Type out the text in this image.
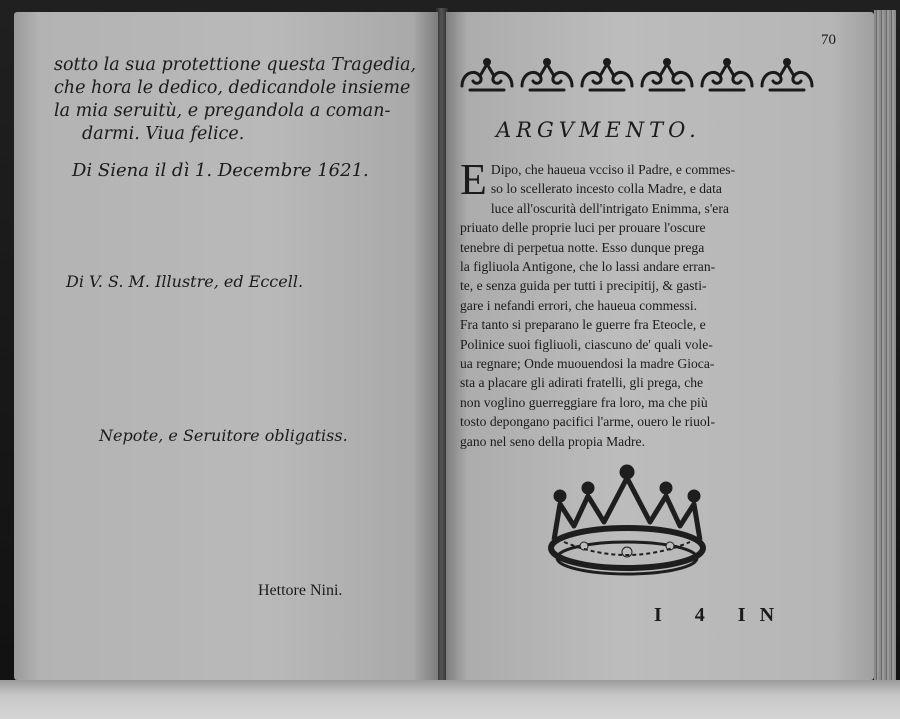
sotto la sua protettione questa Tragedia,
che hora le dedico, dedicandole insieme
la mia seruitù, e pregandola a coman-
darmi. Viua felice.
Di Siena il dì 1. Decembre 1621.
Di V. S. M. Illustre, ed Eccell.
Nepote, e Seruitore obligatiss.
Hettore Nini.
70
ARGVMENTO.
EDipo, che haueua vcciso il Padre, e commes-
so lo scellerato incesto colla Madre, e data
luce all'oscurità dell'intrigato Enimma, s'era
priuato delle proprie luci per prouare l'oscure
tenebre di perpetua notte. Esso dunque prega
la figliuola Antigone, che lo lassi andare erran-
te, e senza guida per tutti i precipitij, & gasti-
gare i nefandi errori, che haueua commessi.
Fra tanto si preparano le guerre fra Eteocle, e
Polinice suoi figliuoli, ciascuno de' quali vole-
ua regnare; Onde muouendosi la madre Gioca-
sta a placare gli adirati fratelli, gli prega, che
non voglino guerreggiare fra loro, ma che più
tosto depongano pacifici l'arme, ouero le riuol-
gano nel seno della propia Madre.
I 4 IN
